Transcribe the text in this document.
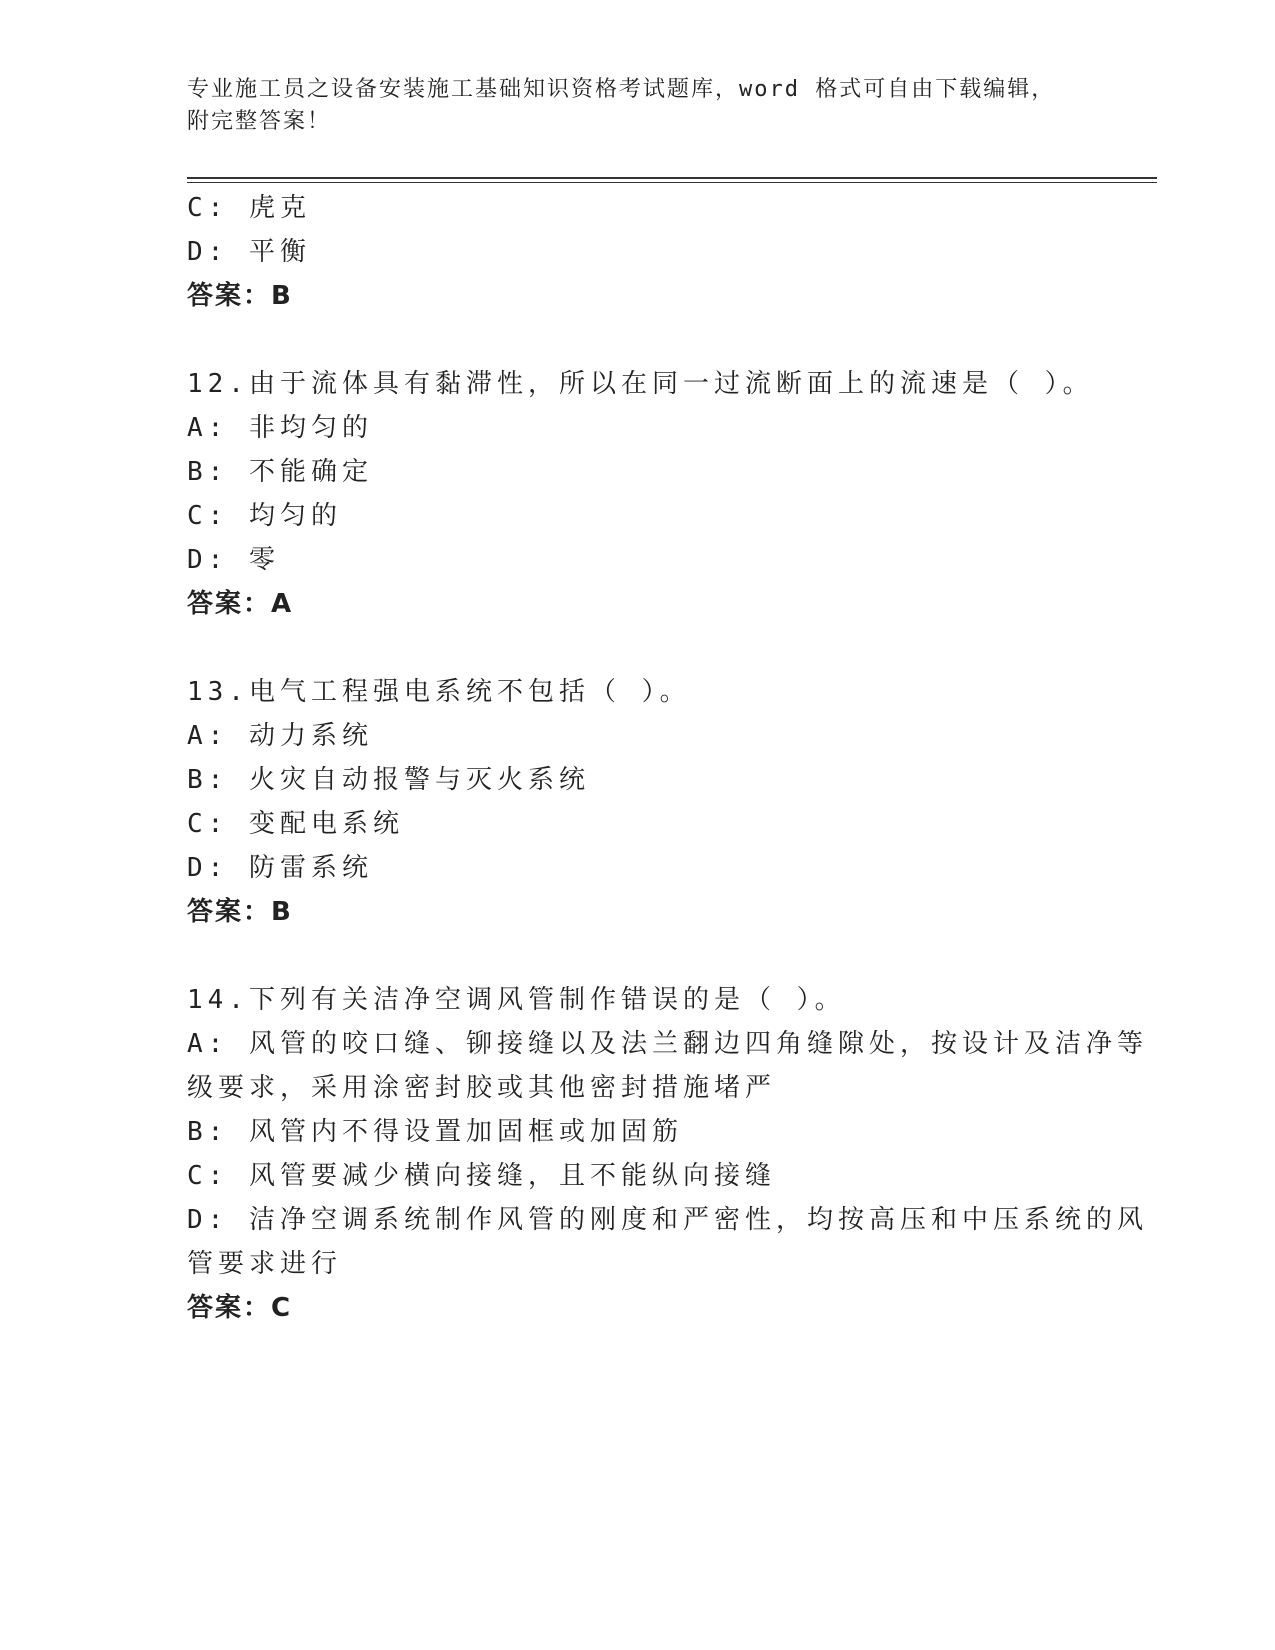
专业施工员之设备安装施工基础知识资格考试题库，word 格式可自由下载编辑，
附完整答案！
C: 虎克
D: 平衡
答案：B
12.由于流体具有黏滞性，所以在同一过流断面上的流速是（ ）。
A: 非均匀的
B: 不能确定
C: 均匀的
D: 零
答案：A
13.电气工程强电系统不包括（ ）。
A: 动力系统
B: 火灾自动报警与灭火系统
C: 变配电系统
D: 防雷系统
答案：B
14.下列有关洁净空调风管制作错误的是（ ）。
A: 风管的咬口缝、铆接缝以及法兰翻边四角缝隙处，按设计及洁净等
级要求，采用涂密封胶或其他密封措施堵严
B: 风管内不得设置加固框或加固筋
C: 风管要减少横向接缝，且不能纵向接缝
D: 洁净空调系统制作风管的刚度和严密性，均按高压和中压系统的风
管要求进行
答案：C
